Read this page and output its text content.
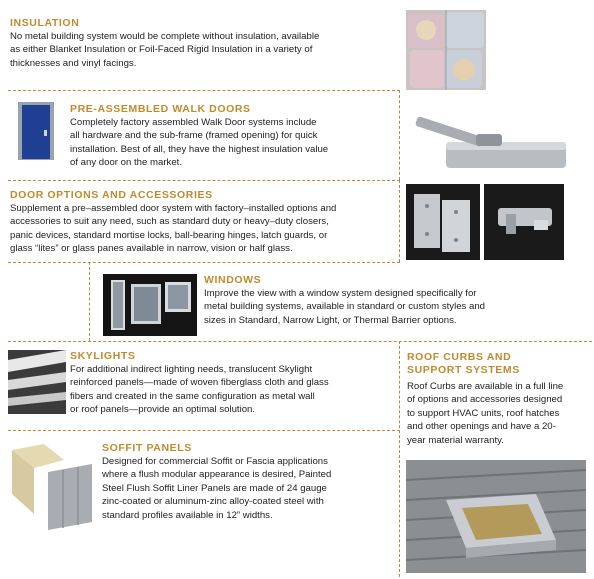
INSULATION
No metal building system would be complete without insulation, available
as either Blanket Insulation or Foil-Faced Rigid Insulation in a variety of
thicknesses and vinyl facings.
PRE-ASSEMBLED WALK DOORS
Completely factory assembled Walk Door systems include
all hardware and the sub-frame (framed opening) for quick
installation. Best of all, they have the highest insulation value
of any door on the market.
DOOR OPTIONS AND ACCESSORIES
Supplement a pre–assembled door system with factory–installed options and
accessories to suit any need, such as standard duty or heavy–duty closers,
panic devices, standard mortise locks, ball-bearing hinges, latch guards, or
glass “lites” or glass panes available in narrow, vision or half glass.
WINDOWS
Improve the view with a window system designed specifically for
metal building systems, available in standard or custom styles and
sizes in Standard, Narrow Light, or Thermal Barrier options.
SKYLIGHTS
For additional indirect lighting needs, translucent Skylight
reinforced panels—made of woven fiberglass cloth and glass
fibers and created in the same configuration as metal wall
or roof panels—provide an optimal solution.
ROOF CURBS AND
SUPPORT SYSTEMS
Roof Curbs are available in a full line
of options and accessories designed
to support HVAC units, roof hatches
and other openings and have a 20-
year material warranty.
SOFFIT PANELS
Designed for commercial Soffit or Fascia applications
where a flush modular appearance is desired, Painted
Steel Flush Soffit Liner Panels are made of 24 gauge
zinc-coated or aluminum-zinc alloy-coated steel with
standard profiles available in 12” widths.
